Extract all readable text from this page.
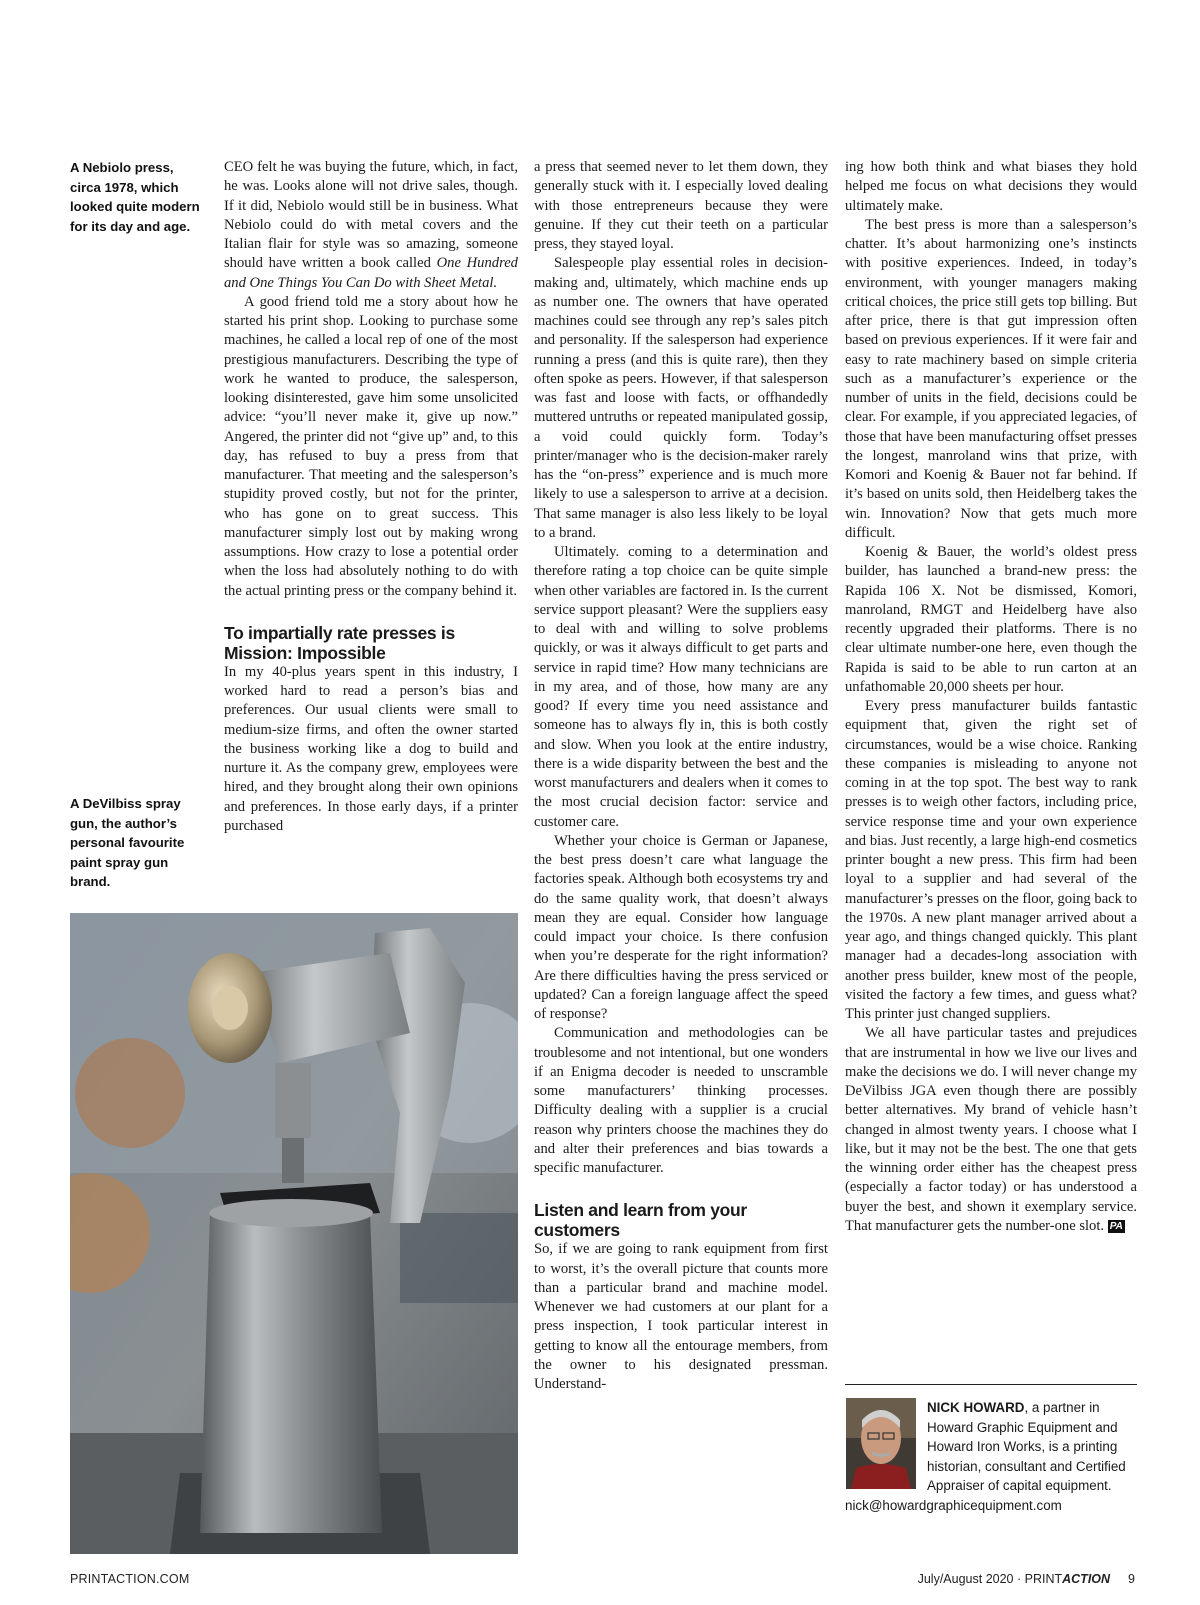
A Nebiolo press, circa 1978, which looked quite modern for its day and age.
A DeVilbiss spray gun, the author’s personal favourite paint spray gun brand.

CEO felt he was buying the future, which, in fact, he was. Looks alone will not drive sales, though. If it did, Nebiolo would still be in business. What Nebiolo could do with metal covers and the Italian flair for style was so amazing, someone should have written a book called One Hundred and One Things You Can Do with Sheet Metal.

A good friend told me a story about how he started his print shop. Looking to purchase some machines, he called a local rep of one of the most prestigious manufacturers. Describing the type of work he wanted to produce, the salesperson, looking disinterested, gave him some unsolicited advice: “you’ll never make it, give up now.” Angered, the printer did not “give up” and, to this day, has refused to buy a press from that manufacturer. That meeting and the salesperson’s stupidity proved costly, but not for the printer, who has gone on to great success. This manufacturer simply lost out by making wrong assumptions. How crazy to lose a potential order when the loss had absolutely nothing to do with the actual printing press or the company behind it.

To impartially rate presses is Mission: Impossible

In my 40-plus years spent in this industry, I worked hard to read a person’s bias and preferences. Our usual clients were small to medium-size firms, and often the owner started the business working like a dog to build and nurture it. As the company grew, employees were hired, and they brought along their own opinions and preferences. In those early days, if a printer purchased

a press that seemed never to let them down, they generally stuck with it. I especially loved dealing with those entrepreneurs because they were genuine. If they cut their teeth on a particular press, they stayed loyal.

Salespeople play essential roles in decision-making and, ultimately, which machine ends up as number one. The owners that have operated machines could see through any rep’s sales pitch and personality. If the salesperson had experience running a press (and this is quite rare), then they often spoke as peers. However, if that salesperson was fast and loose with facts, or offhandedly muttered untruths or repeated manipulated gossip, a void could quickly form. Today’s printer/manager who is the decision-maker rarely has the “on-press” experience and is much more likely to use a salesperson to arrive at a decision. That same manager is also less likely to be loyal to a brand.

Ultimately. coming to a determination and therefore rating a top choice can be quite simple when other variables are factored in. Is the current service support pleasant? Were the suppliers easy to deal with and willing to solve problems quickly, or was it always difficult to get parts and service in rapid time? How many technicians are in my area, and of those, how many are any good? If every time you need assistance and someone has to always fly in, this is both costly and slow. When you look at the entire industry, there is a wide disparity between the best and the worst manufacturers and dealers when it comes to the most crucial decision factor: service and customer care.

Whether your choice is German or Japanese, the best press doesn’t care what language the factories speak. Although both ecosystems try and do the same quality work, that doesn’t always mean they are equal. Consider how language could impact your choice. Is there confusion when you’re desperate for the right information? Are there difficulties having the press serviced or updated? Can a foreign language affect the speed of response?

Communication and methodologies can be troublesome and not intentional, but one wonders if an Enigma decoder is needed to unscramble some manufacturers’ thinking processes. Difficulty dealing with a supplier is a crucial reason why printers choose the machines they do and alter their preferences and bias towards a specific manufacturer.

Listen and learn from your customers

So, if we are going to rank equipment from first to worst, it’s the overall picture that counts more than a particular brand and machine model. Whenever we had customers at our plant for a press inspection, I took particular interest in getting to know all the entourage members, from the owner to his designated pressman. Understand-

ing how both think and what biases they hold helped me focus on what decisions they would ultimately make.

The best press is more than a salesperson’s chatter. It’s about harmonizing one’s instincts with positive experiences. Indeed, in today’s environment, with younger managers making critical choices, the price still gets top billing. But after price, there is that gut impression often based on previous experiences. If it were fair and easy to rate machinery based on simple criteria such as a manufacturer’s experience or the number of units in the field, decisions could be clear. For example, if you appreciated legacies, of those that have been manufacturing offset presses the longest, manroland wins that prize, with Komori and Koenig & Bauer not far behind. If it’s based on units sold, then Heidelberg takes the win. Innovation? Now that gets much more difficult.

Koenig & Bauer, the world’s oldest press builder, has launched a brand-new press: the Rapida 106 X. Not be dismissed, Komori, manroland, RMGT and Heidelberg have also recently upgraded their platforms. There is no clear ultimate number-one here, even though the Rapida is said to be able to run carton at an unfathomable 20,000 sheets per hour.

Every press manufacturer builds fantastic equipment that, given the right set of circumstances, would be a wise choice. Ranking these companies is misleading to anyone not coming in at the top spot. The best way to rank presses is to weigh other factors, including price, service response time and your own experience and bias. Just recently, a large high-end cosmetics printer bought a new press. This firm had been loyal to a supplier and had several of the manufacturer’s presses on the floor, going back to the 1970s. A new plant manager arrived about a year ago, and things changed quickly. This plant manager had a decades-long association with another press builder, knew most of the people, visited the factory a few times, and guess what? This printer just changed suppliers.

We all have particular tastes and prejudices that are instrumental in how we live our lives and make the decisions we do. I will never change my DeVilbiss JGA even though there are possibly better alternatives. My brand of vehicle hasn’t changed in almost twenty years. I choose what I like, but it may not be the best. The one that gets the winning order either has the cheapest press (especially a factor today) or has understood a buyer the best, and shown it exemplary service. That manufacturer gets the number-one slot. PA

NICK HOWARD, a partner in Howard Graphic Equipment and Howard Iron Works, is a printing historian, consultant and Certified Appraiser of capital equipment.
nick@howardgraphicequipment.com
PRINTACTION.COM	July/August 2020 · PRINTACTION 9
